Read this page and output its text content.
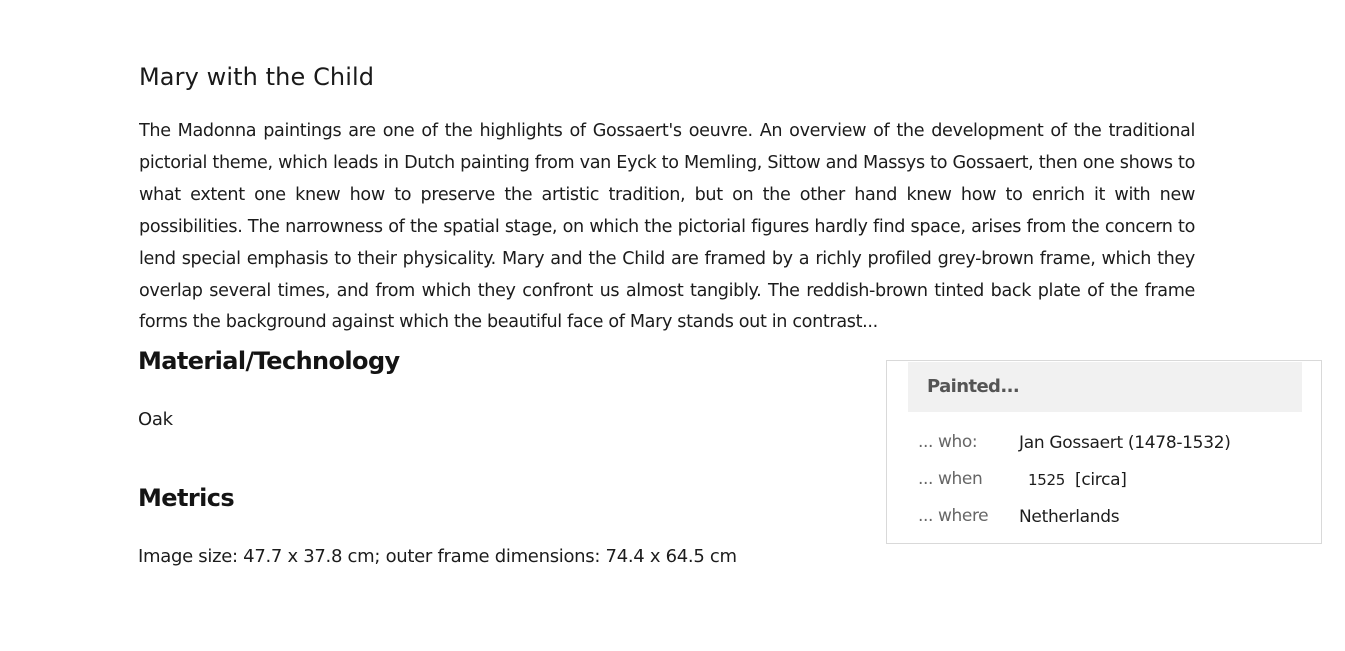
Mary with the Child

The Madonna paintings are one of the highlights of Gossaert's oeuvre. An overview of the development of the traditional pictorial theme, which leads in Dutch painting from van Eyck to Memling, Sittow and Massys to Gossaert, then one shows to what extent one knew how to preserve the artistic tradition, but on the other hand knew how to enrich it with new possibilities. The narrowness of the spatial stage, on which the pictorial figures hardly find space, arises from the concern to lend special emphasis to their physicality. Mary and the Child are framed by a richly profiled grey-brown frame, which they overlap several times, and from which they confront us almost tangibly. The reddish-brown tinted back plate of the frame forms the background against which the beautiful face of Mary stands out in contrast...

Material/Technology
Oak
Metrics
Image size: 47.7 x 37.8 cm; outer frame dimensions: 74.4 x 64.5 cm
Painted...
... who: Jan Gossaert (1478-1532)
... when	1525 [circa]
... where Netherlands
